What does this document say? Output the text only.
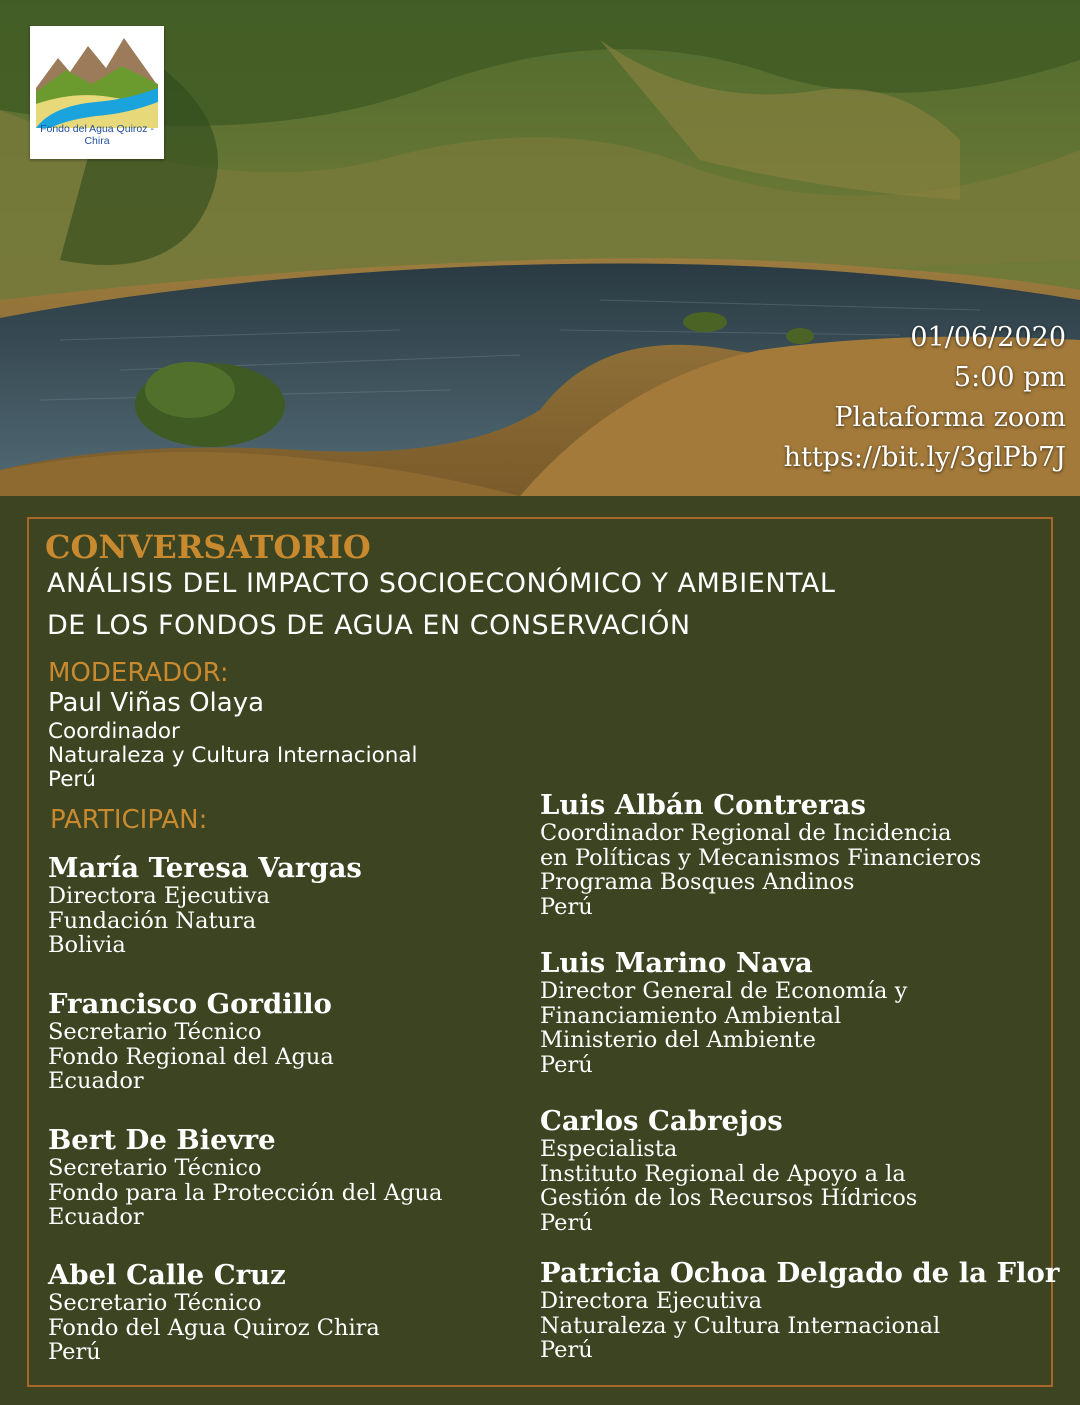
Fondo del Agua Quiroz - Chira
01/06/2020
5:00 pm
Plataforma zoom
https://bit.ly/3glPb7J
CONVERSATORIO
ANÁLISIS DEL IMPACTO SOCIOECONÓMICO Y AMBIENTAL
DE LOS FONDOS DE AGUA EN CONSERVACIÓN
MODERADOR:
Paul Viñas Olaya
Coordinador
Naturaleza y Cultura Internacional
Perú
PARTICIPAN:
María Teresa Vargas
Directora Ejecutiva
Fundación Natura
Bolivia
Francisco Gordillo
Secretario Técnico
Fondo Regional del Agua
Ecuador
Bert De Bievre
Secretario Técnico
Fondo para la Protección del Agua
Ecuador
Abel Calle Cruz
Secretario Técnico
Fondo del Agua Quiroz Chira
Perú
Luis Albán Contreras
Coordinador Regional de Incidencia
en Políticas y Mecanismos Financieros
Programa Bosques Andinos
Perú
Luis Marino Nava
Director General de Economía y
Financiamiento Ambiental
Ministerio del Ambiente
Perú
Carlos Cabrejos
Especialista
Instituto Regional de Apoyo a la
Gestión de los Recursos Hídricos
Perú
Patricia Ochoa Delgado de la Flor
Directora Ejecutiva
Naturaleza y Cultura Internacional
Perú
